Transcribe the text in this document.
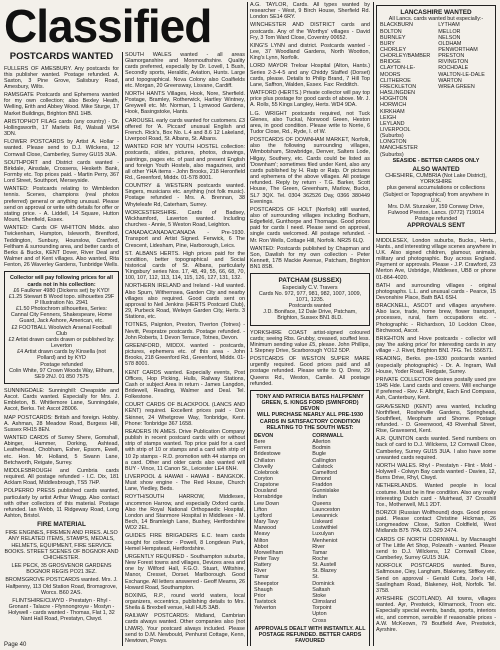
Classified
POSTCARDS WANTED

FULLERS OF AMESBURY. Any postcards for this publisher wanted. Postage refunded. A. Saxton, 3 Pine Grove, Salisbury Road, Amesbury, Wilts.

RAMSGATE Postcards and Ephemera wanted for my own collection; also Bexley Heath, Welling, Erith and Abbey Wood. Mike Sturge, 17 Market Buildings, Brighton BN1 1HB.

ARISTOPHOT FILAG cards (any country) - Dr. Hollingsworth, 17 Marlets Rd, Walsall WS4 3DN.

FLOWER POSTCARDS by Artist A. Hollar - wanted. Please send to D.J. Wilckens, 12 Cornwall Close, Camberley, Surrey GU15 3UA.

SOUTHPORT and District cards wanted - Birkdale, Ainsdale, Crossens, Hesketh Bank, Formby etc. Top prices paid. - Martin Perry, 367 Lord Street, Southport, Merseyside.

WANTED: Postcards relating to Wimbledon tennis. Scenes, champions (real photos preferred) general or anything unusual. Please send on approval or write with details for offer or stating price. - A. Liddell, 14 Square, Hutton Mount, Shenfield, Essex.

WANTED: Cards OF WHITTON Middx. also Twickenham, Hampton, Isleworth, Brentford, Teddington, Sunbury, Hounslow, Cranford, Feltham & surrounding area, and better cards of Berks & Bucks, KENT Dover, River Deal and Walmer and of Kent villages. Also wanted, Rita Fenton, 26 Waverley Gardens, Tunbridge Wells.

Collector will pay following prices for all cards not in his collection:

£6 Faulkner 4980 (Dickens set) by KYD!

£1.25 Stewart B Wood topo. silhouettes 29F P Illustration No. 2941

£1.50 Photochrom silhouettes, Series: Cannal City Fenners, Shakespeare, Home Guard, Jack Ashore, American, etc.

£2 FOOTBALL Woolwich Arsenal Football Club

£2 Artist drawn cards drawn or published by: Leverton

£4 Artist drawn cards by Kinsella (not Pollard) and by KYD

Postage refunded

Colin White, 97 Crown Woods Way, Eltham, SE9 2NJ. 01 850 7575

SUNNINGDALE: Sunninghill: Cheapside and Ascot. Cards wanted. Especially for Mrs. J. Embleton, B. Whitlemore Lane, Sunningdale, Ascot, Berks. Tel: Ascot 28006.

MAP POSTCARDS: British and foreign. Hobby. A. Ashman, 28 Meadow Road, Burgess Hill, Sussex RH15 8EN.

WANTED CARDS of Surrey Shere, Gomshall, Abinger, Hammer, Dorking, Ashtead, Leatherhead, Chobham, Esher, Epsom, Ewell, etc. Hon. Mr. Holland, 5 Swann Lane, Betchworth, Reigate, Surrey.

MIDDLESBROUGH and Cumbria cards required. All postage refunded - I.C. Dix, 181 Acklam Road, Middlesbrough, TS5 7HP.

POLPERRO PRESS published cards wanted, particularly by artist Arthur Wragg. Also contact with other collectors of this material. Postage refunded. Ian Webb, 11 Ridgeway Road, Long Ashton, Bristol.

FIRE MATERIAL

FIRE ENGINES, FIREMEN AND FIRES. ALSO ANY RELATED ITEMS, STAMPS, MEDALS, HELMETS, EQUIPMENT, FIRE SERVICE BOOKS. STREET SCENES OF BOGNOR AND CHICHESTER.

LEE PECK, 35 GROSVENOR GARDENS BOGNOR REGIS PO21 3EZ.

BROMSGROVE POSTCARDS wanted. Mrs. J. Halfpenny, 113 Old Station Road, Bromsgrove, Worcs. B60 2AS.

FLINTSHIRE/CLWYD - Prestatyn - Rhyl - Gronant - Talacre - Ffynnongroyw - Mostyn - Holywell - cards wanted - Thomas, Flat 1, 32 Nant Hall Road, Prestatyn, Clwyd.

SOUTH WALES wanted - all areas Glamorganshire and Monmouthshire. Quality cards preferred, especially by Dr. Lovell, 1 Bush, Secondly sports, Heraldic, Aviation, Hunts. Large and topographical. Nova Colony also Coalfields etc. Morgan, 20 Greensway, Lisvane, Cardiff.

NORTH HANTS Villages, Hook, Nore, Sherfield. Postage, Bramley, Rotherwick, Hartley Wintney, Greywell etc. Mr. Norman, 1 Lynwood Gardens, Hook, Basingstoke, Hants.

CAROUSEL early cards wanted for customers. £3 offered for 'A. Piccard' unusual English and French. Rick's, Box No. L.4 and 8.6 12 Lakeland, Liverpool Road, St. Albans, St. Albans.

WANTED FOR MY YOUTH HOSTEL collection: postcards, slides, pictures, photos, drawings, paintings, pages etc. of past and present English and foreign Youth Hostels, also magazines, and all other YHA items - John Brooks, 218 Heronfield Rd., Greenford, Middx. 01-578 8001.

COUNTRY & WESTERN postcards wanted. Singers, musicians etc. anything (not folk music). Postage refunded - Mrs. A. Brennan, 38 Whyteleafe Rd, Caterham, Surrey.

WORCESTERSHIRE. Cards of Badsey, Wickhamford, Laverton wanted. Including churches - Annie, 5 Weston Road, Leighton.

CANADA/CANADA/CANADA - Pre-1930. Transport and Artist Signed. Fenwick, 6 The Crescent, Lidesham, Pine, Harborough, Leics.

ST. ALBANS HERTS. High prices paid for the condition, better topographical and Social historical cards of St. Albans, particularly 'Kingsbury' series Nos. 17, 48, 49, 55, 66, 68, 70, 100, 107, 112, 113, 114, 115, 126, 127, 131, 132.

NORTHERN IRELAND and Ireland - Hull wanted. Also Spurn, Withernsea, Garden City and nearby villages also required. Good cards sent on approval to Neil Jenkins (HERTS Postcard Club), 29, Purbeck Road, Welwyn Garden City, Herts. 3 Stations, etc.

TOTNES, Paignton, Preston, Tiverton (Totnes) - Nevitt, Pespratze postcards. Postage refunded. - John Roberts, 1 Devon Terrace, Totnes, Devon.

GREENFORD, MIDDX. wanted - postcards, pictures, ephemera etc. of this area - John Brooks, 218 Greenford Rd., Greenford, Middx. 01-578 8001.

KENT CARDS wanted. Especially events, Post Offices, Hop Picking, Hulls, Railway Stations, Cash or subject Area in return - James Langdon, Bridewell, Reading, Walmer and Deal. Tel. Folkestone.

COURT CARDS OF BLACKPOOL (LANCS AND KENT) required. Excellent prices paid - Don Skinner, 24 Whetgrove Way, Tonbridge, Kent. Phone: Tonbridge 367 1658.

READERS IN AMES. Drive Publication Company publish in recent postcard cards with or without strip of stamps wanted. Top price paid for a card with strip of 10 or stamps and a card with strip of 10 2p stamps - R.D. promotion with 44 stamps on a card. Other and older cards also wanted will BUY - Vince, 11 Canon St., Leicester LE4 6NH.

LIVERPOOL & HAWAII - HAWAII - BANGKOK. Must show engine - The Red House, Church Lane, Yiedley, Beds.

ROYTH/SOUTH HARROW, Middlesex, uncommon Harrow, and especially Oxford cards. Also the Royal National Orthopaedic Hospital, London and Stanmore Hospital in Middlesex - M. Bech, 14 Bramleigh Lane, Bushey, Hertfordshire WD2 2EL.

GUIDES FIRE BRIGADERS E.C. team cards sought for collector - Powell, 8 Longdean Park, Hemel Hempstead, Hertfordshire.

URGENTLY REQUIRED - Southampton suburbs, New Forest towns and villages, Devizes area and one by Wilford Hall, F.G.O. Stuart, Wiltshire, Manor, Cresset, Dorset. Marlborough. Good Exchange. All letters answered - Geoff Meams, 26 Howard Road, Southampton.

BOXING, R.P., round world waters, local organizers, eccentrics, publishing details to Mrs. Sheila & Brexbell venue, Hull HU5 3AB.

RAILWAY POSTCARDS: Midland, Cambrian cards always wanted. Other companies also (not LNWR). Your postcard always included. Please send to D.M. Newbould, Penhurst Cottage, Kenn, Newtown, Powys.

A.G. TAYLOR, Cards. All types wanted by researcher - West, 9 Birch House, Sherfield Rd. London SE14 6RY.

WINCHESTER AND DISTRICT cards and postcards. Any of the 'Worthys' villages - David Fry, 3 Tom Ward Close, Coventry 00652.

KING'S LYNN and district. Postcards wanted - Lee, 37 Woodland Gardens, North Wootton, King's Lynn, Norfolk.

LORD MAYOR Treloar Hospital (Alton, Hants.) Series 2-3-4-5 and any Chiddy Staffed (Dorset) cards, please. Details to Philip Brand, 7 Hill Top Lane, Saffron, Walden, Essex. Fax: Redditch.

WATFORD (HERTS.) Private collector will pay top price plus postage for good cards of above. Mr. J. A. Rolls, 55 Kings Langley, Herts. WD4 9DA.

L.G. WRIGHT postcards required, not Tuck Glenes, also Tuckal, Norwood Green, Heston area, in good condition. Please write to Norrie, 6 Tudor Close, Rd., Ryde, I. of W.

POSTCARDS OF DOWNHAM MARKET, Norfolk, also the following surrounding villages, Wimbotsham, Stowbridge, Denver, Salters Lode, Hilgay, Southery, etc. Cards could be listed as 'Downham'; sometimes filed under Kent, also any cards published by H. Ratp or Ratp. Or pictures and ephemera of the above villages. All postage refunded. Reply by return - T.G. Barker, Scott House, The Green, Greenham, Marlow, Bucks, SL7 3QX. Tel. 0304 362526 Day, 0366 380449 Evenings.

POSTCARDS OF HOLT (Norfolk) still wanted, also of surrounding villages including Bodham, Edgefield, Gunthorpe and Thornage. Good prices paid for cards I need. Please send on approval, single cards welcomed. All postage refunded. - Mr. Ron Wells, Cottage Hill, Norfolk. NR25 6LQ.

WANTED: Postcards published by Chapman and Son, Dawlish for my own collection - Peter Kennett, 17B Mackie Avenue, Patcham, Brighton BN1 8SB.

PATCHAM (SUSSEX)

Especially C.V. Travers

Cards No. 972, 977, 981, 982, 1007, 1009, 1071, 1235.

Postcards wanted

J.D. Boniface, 12 Dale Drive, Patcham, Brighton, Sussex BN1 8LD.

YORKSHIRE COAST artist-signed coloured cards; seeing Rbs. Grubby, creased, scuffed less. Minimum sending value £5, please. John Phillips, 1 Stepney Drive, Scarborough YO12 5DP.

POSTCARDS OF WESTON SUPER MARE urgently required. Good prices paid and all postage refunded. Please write to Q. Drew, 29 Queens Rd., Weston, Camlie. All postage refunded.

TONY AND PATRICIA BATES HALFPENNY GREEN, S. KINGS FORD (SWINFORD) DEVON
WILL PURCHASE NEARLY ALL PRE-1930 CARDS IN SATISFACTORY CONDITION RELATING TO THE SOUTH WEST:
DEVON

Bere Ferrers

Bridestowe

Chillaton

Clovelly

Colebrook

Coryton

Crapstone

Dousland

Horrabridge

Lew Down

Lifton

Lydford

Mary Tavy

Marwood

Meavy

Milton Abbot

Morwellham

Peter Tavy

Rattery

River Tamar

Sheepstor

Shaugh Prior

Tavistock

Yelverton

CORNWALL

Allerton

Bodmin

Bugle

Callington

Calstock

Camelford

Dimond

Fraddon

Gunnislake

Indian Queens

Launceston

Lewannick

Liskeard

Lostwithiel

Luxulyan

Menheniot

River Tamar

Roche

St. Austell

St. Blazey

St. Dominick

Saltash

Stoke Climsland

Torpoint

Upton Cross

APPROVALS DEALT WITH INSTANTLY. ALL POSTAGE REFUNDED. BETTER CARDS FAVOURED
LANCASHIRE WANTED
All Lancs. cards wanted but especially:-

BLACKBURN

BOLTON

BURNLEY

BURY

CHORLEY

CHORLEY/BAMBER BRIDGE

CLAYTON-LE-MOORS

CLITHEROE

FRECKLETON

HASLINGDEN

HOGHTON

HORWICH

KIRKHAM

LEIGH

LEYLAND

LIVERPOOL (Suburbs)

LONGTON

MANCHESTER (Suburbs)

LYTHAM

MELLOR

NELSON

OLDHAM

PENWORTHAM

PRESTON

RIVINGTON

ROCHDALE

WALTON-LE-DALE

WARTON

WREA GREEN

SEASIDE - BETTER CARDS ONLY
ALSO WANTED

CHESHIRE, CUMBRIA (Not Lake District), YORKSHIRE

plus general accumulations or collections (Subject or Topographical) from anywhere in U.K.

Mrs. D.M. Sturzaker, 159 Conway Drive, Fulwood Preston, Lancs. (0772) 719014

Postage refunded

APPROVALS SENT

MIDDLESEX, London suburbs, Bucks., Herts., Hants., and interesting village scenes anywhere in U.K. Also signed children, glamour, animals, military and photographic. Buy across England. Payment or approvals. Please - J.P. Crawford, 23 Merton Ave, Uxbridge, Middlesex, UB8 or phone 01-864-4020.

BATH and surrounding villages - original photographs. L.L. and unusual cards - Pearce, 15 Devonshire Place, Bath BA1 6SH.

BRACKNELL, ASCOT and villages anywhere. Also lace, trade, home brew, flower transport, processes, rural, farm occupations etc. - Photographic - Richardson, 10 Lockton Close, Birchwood, Ascot.

BRIGHTON and Hove postcards - collector will pay 'the asking price' for interesting cards in any village - J. Rivet, Brighton BN1 7FG. Tel. 556571.

READING, Berks. pre-1930 postcards wanted (especially photographic) - Dr. A. Ingram, Wall House, Yoder Road, Redgate, Surrey.

PRIVATE COLLECTOR desires postally used pre 1945 Hde. Land cards and covers. Will exchange if preferred - Rev. F. Albright, Each End Compass, Ash, Canterbury, Kent.

GRAVESEND (KENT) area wanted, including Northfleet, Rosherville Gardens, Springhead, Southfleet, Meopham and Shorne. Postage refunded. - D. Greenwood, 43 Rivenhall Street, Rise, Gravesend, Kent.

A.R. QUINTON cards wanted. Send numbers on back of card to D.J. Wilckens, 12 Cornwall Close, Camberley, Surrey GU15 3UA. I also have some unwanted cards required.

NORTH WALES. Rhyl - Prestatyn - Flint - Mold - Holywell - Colwyn Bay cards wanted - Davies, 12, Burns Drive, Rhyl, Clwyd.

NETHERLANDS. Wanted people in local costume. Must be in fine condition. Also any really interesting Dutch card - Muirhead, 37 Crosshill Tce., Motherwell, ML1 2DT.

BORZOI (Russian Wolfhound) dogs. Good prices paid. Please contact Christine Hickman, 26 Longmeadow Close, Sutton Coldfield, West Midlands B75 7PA. 021-329 2474.

CARDS OF NORTH CORNWALL by Macnaught of The Little Art Shop, Polzeath - wanted. Please send to D.J. Wilckens, 12 Cornwall Close, Camberley, Surrey GU15 3UA.

NORFOLK POSTCARDS wanted. Bures, Saltmouse, Cley, Langham, Blakeney, Stiffkey etc. Send on approval - Gerald Cutts, Joe's Hill, Saxlingham Road, Blakeney, Holt, Norfolk. Tel. 3758.

AYRSHIRE (SCOTLAND). All towns, villages wanted. Ayr, Prestwick, Kilmarnock, Troon etc. Especially special events, bands, sports, interiors etc, and common, sensible if reasonable prices - A.W. McKeown, 79 Boutfield Ave, Prestwick, Ayrshire.

Page 40
